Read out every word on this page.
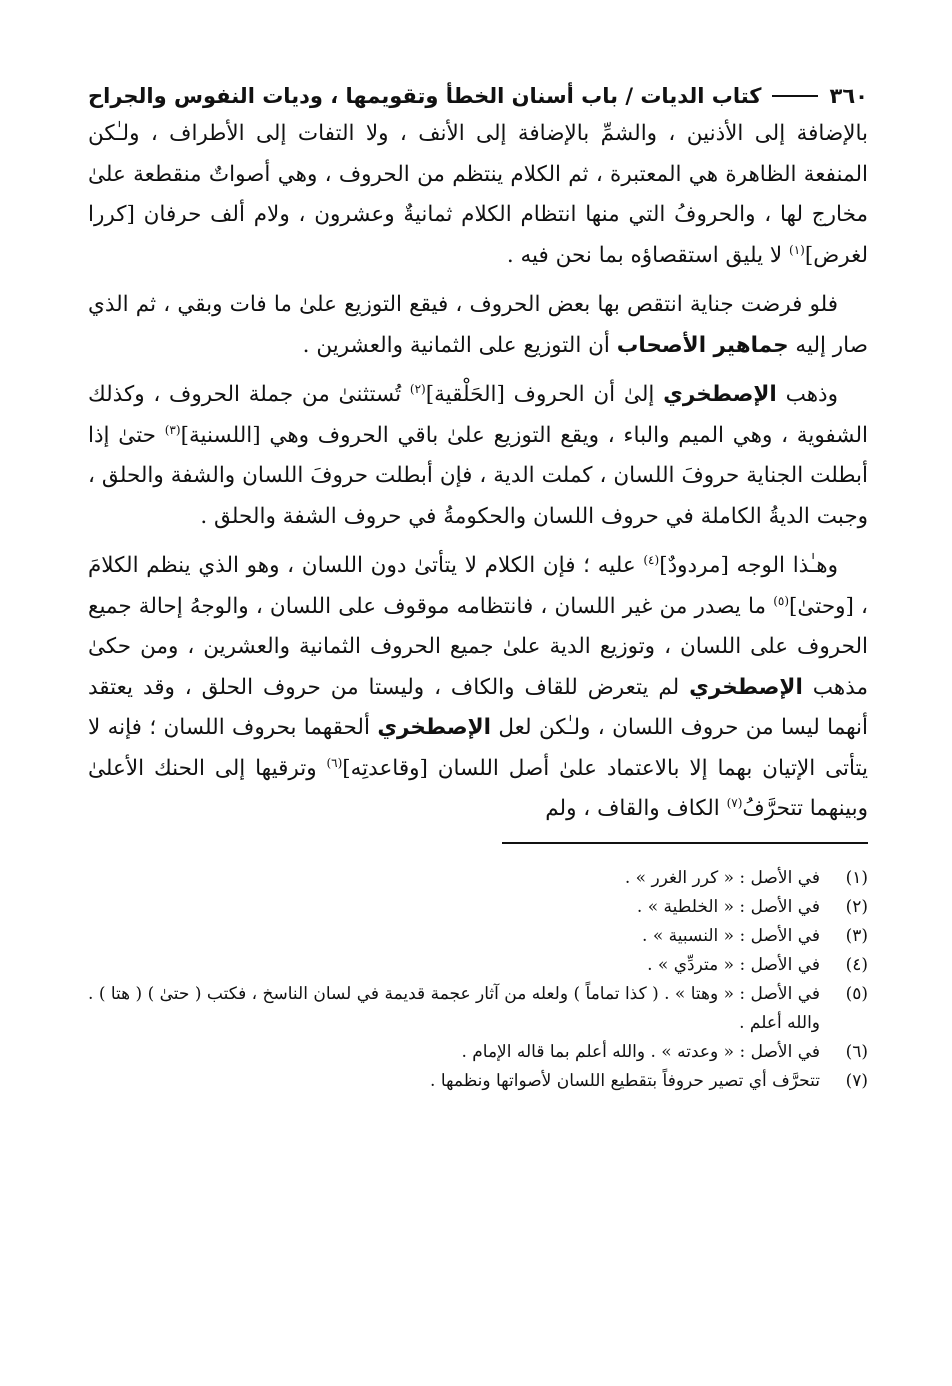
٣٦٠
كتاب الديات / باب أسنان الخطأ وتقويمها ، وديات النفوس والجراح

بالإضافة إلى الأذنين ، والشمِّ بالإضافة إلى الأنف ، ولا التفات إلى الأطراف ، ولـٰكن المنفعة الظاهرة هي المعتبرة ، ثم الكلام ينتظم من الحروف ، وهي أصواتٌ منقطعة علىٰ مخارج لها ، والحروفُ التي منها انتظام الكلام ثمانيةٌ وعشرون ، ولام ألف حرفان [كررا لغرض]$^{(١)}$ لا يليق استقصاؤه بما نحن فيه .

فلو فرضت جناية انتقص بها بعض الحروف ، فيقع التوزيع علىٰ ما فات وبقي ، ثم الذي صار إليه جماهير الأصحاب أن التوزيع على الثمانية والعشرين .

وذهب الإصطخري إلىٰ أن الحروف [الحَلْقية]$^{(٢)}$ تُستثنىٰ من جملة الحروف ، وكذلك الشفوية ، وهي الميم والباء ، ويقع التوزيع علىٰ باقي الحروف وهي [اللسنية]$^{(٣)}$ حتىٰ إذا أبطلت الجناية حروفَ اللسان ، كملت الدية ، فإن أبطلت حروفَ اللسان والشفة والحلق ، وجبت الديةُ الكاملة في حروف اللسان والحكومةُ في حروف الشفة والحلق .

وهـٰذا الوجه [مردودٌ]$^{(٤)}$ عليه ؛ فإن الكلام لا يتأتىٰ دون اللسان ، وهو الذي ينظم الكلامَ ، [وحتىٰ]$^{(٥)}$ ما يصدر من غير اللسان ، فانتظامه موقوف على اللسان ، والوجهُ إحالة جميع الحروف على اللسان ، وتوزيع الدية علىٰ جميع الحروف الثمانية والعشرين ، ومن حكىٰ مذهب الإصطخري لم يتعرض للقاف والكاف ، وليستا من حروف الحلق ، وقد يعتقد أنهما ليسا من حروف اللسان ، ولـٰكن لعل الإصطخري ألحقهما بحروف اللسان ؛ فإنه لا يتأتى الإتيان بهما إلا بالاعتماد علىٰ أصل اللسان [وقاعدتِه]$^{(٦)}$ وترقيها إلى الحنك الأعلىٰ وبينهما تتحرَّفُ$^{(٧)}$ الكاف والقاف ، ولم

(١)
في الأصل : « كرر الغرر » .
(٢)
في الأصل : « الخلطية » .
(٣)
في الأصل : « النسبية » .
(٤)
في الأصل : « متردِّي » .
(٥)
في الأصل : « وهتا » . ( كذا تماماً ) ولعله من آثار عجمة قديمة في لسان الناسخ ، فكتب ( حتىٰ ) ( هتا ) . والله أعلم .
(٦)
في الأصل : « وعدته » . والله أعلم بما قاله الإمام .
(٧)
تتحرَّف أي تصير حروفاً بتقطيع اللسان لأصواتها ونظمها .
